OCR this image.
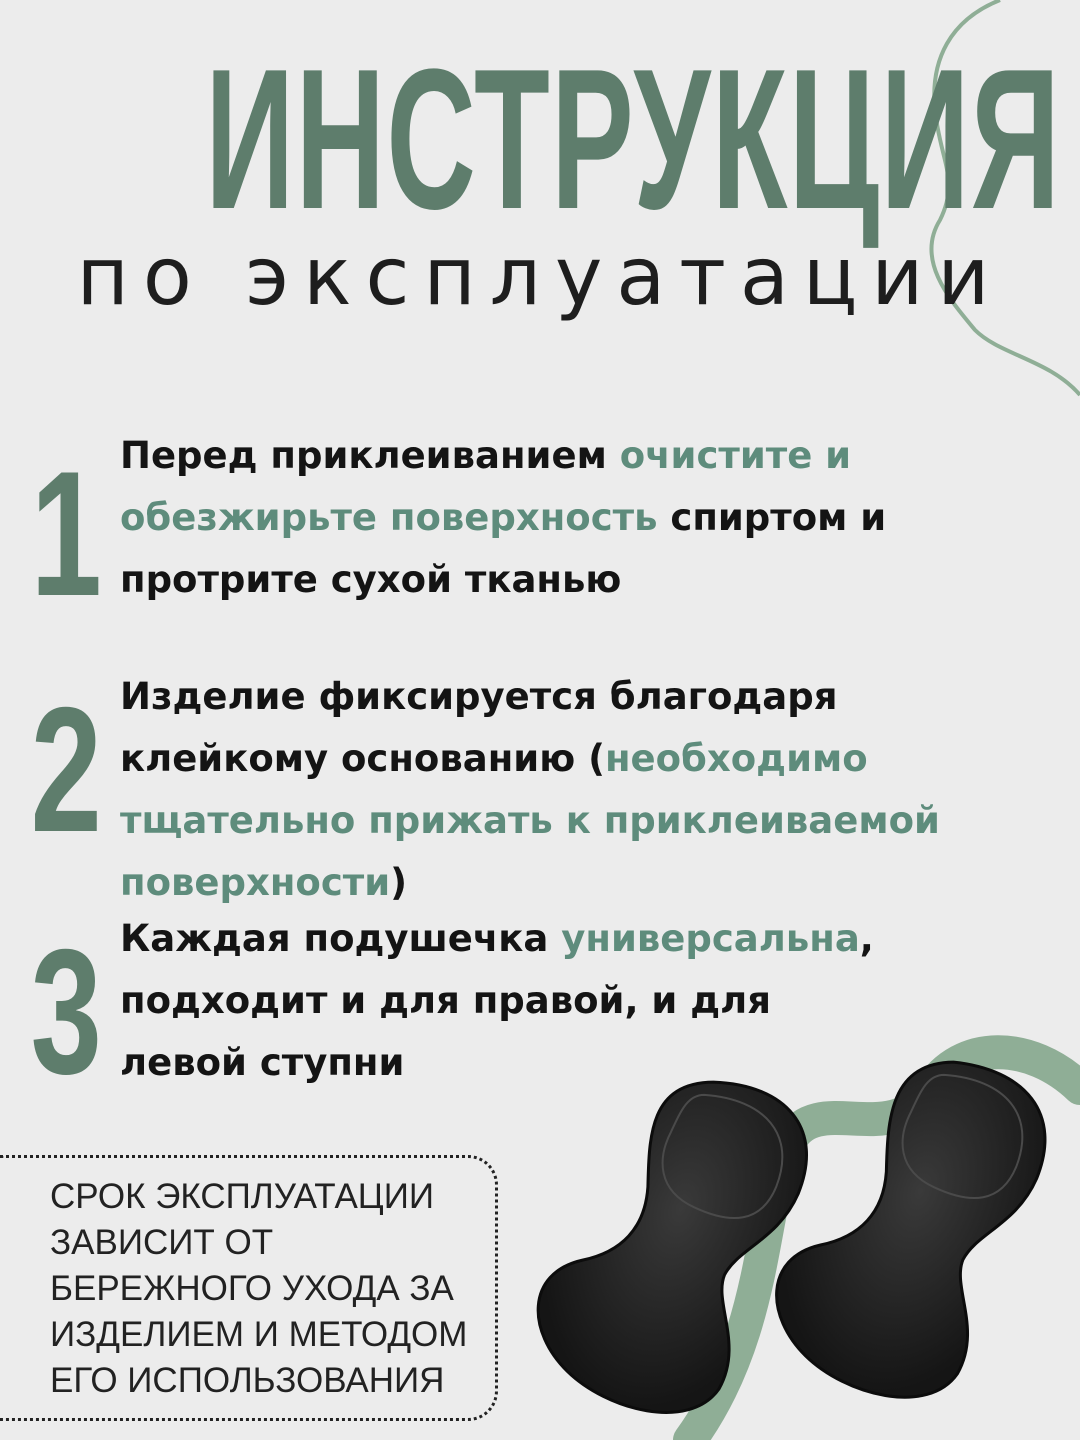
ИНСТРУКЦИЯ
по эксплуатации
1 Перед приклеиванием очистите и обезжирьте поверхность спиртом и протрите сухой тканью
2 Изделие фиксируется благодаря клейкому основанию (необходимо тщательно прижать к приклеиваемой поверхности)
3 Каждая подушечка универсальна, подходит и для правой, и для левой ступни
СРОК ЭКСПЛУАТАЦИИ ЗАВИСИТ ОТ БЕРЕЖНОГО УХОДА ЗА ИЗДЕЛИЕМ И МЕТОДОМ ЕГО ИСПОЛЬЗОВАНИЯ
